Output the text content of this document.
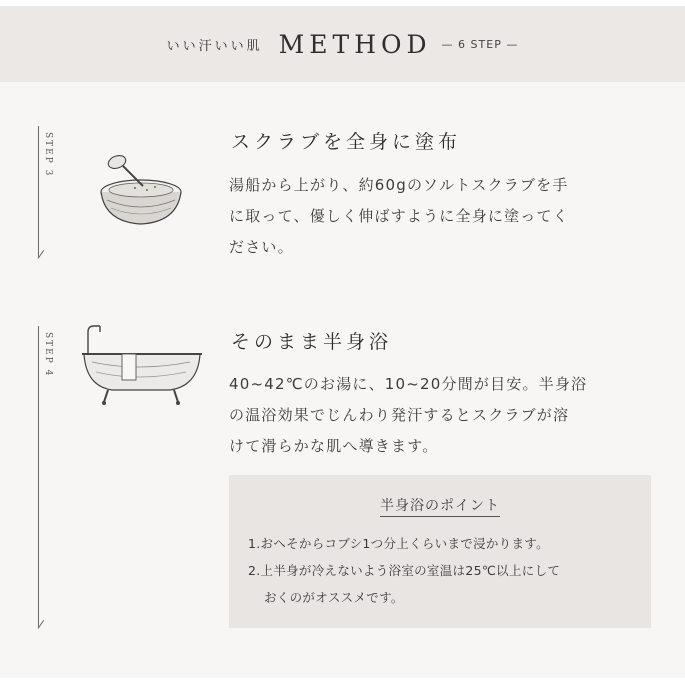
いい汗いい肌 METHOD — 6 STEP —
STEP 3	スクラブを全身に塗布
湯船から上がり、約60gのソルトスクラブを手
に取って、優しく伸ばすように全身に塗ってく
ださい。
STEP 4	そのまま半身浴
40~42℃のお湯に、10~20分間が目安。半身浴
の温浴効果でじんわり発汗するとスクラブが溶
けて滑らかな肌へ導きます。
半身浴のポイント
1.おへそからコブシ1つ分上くらいまで浸かります。
2.上半身が冷えないよう浴室の室温は25℃以上にして
おくのがオススメです。
